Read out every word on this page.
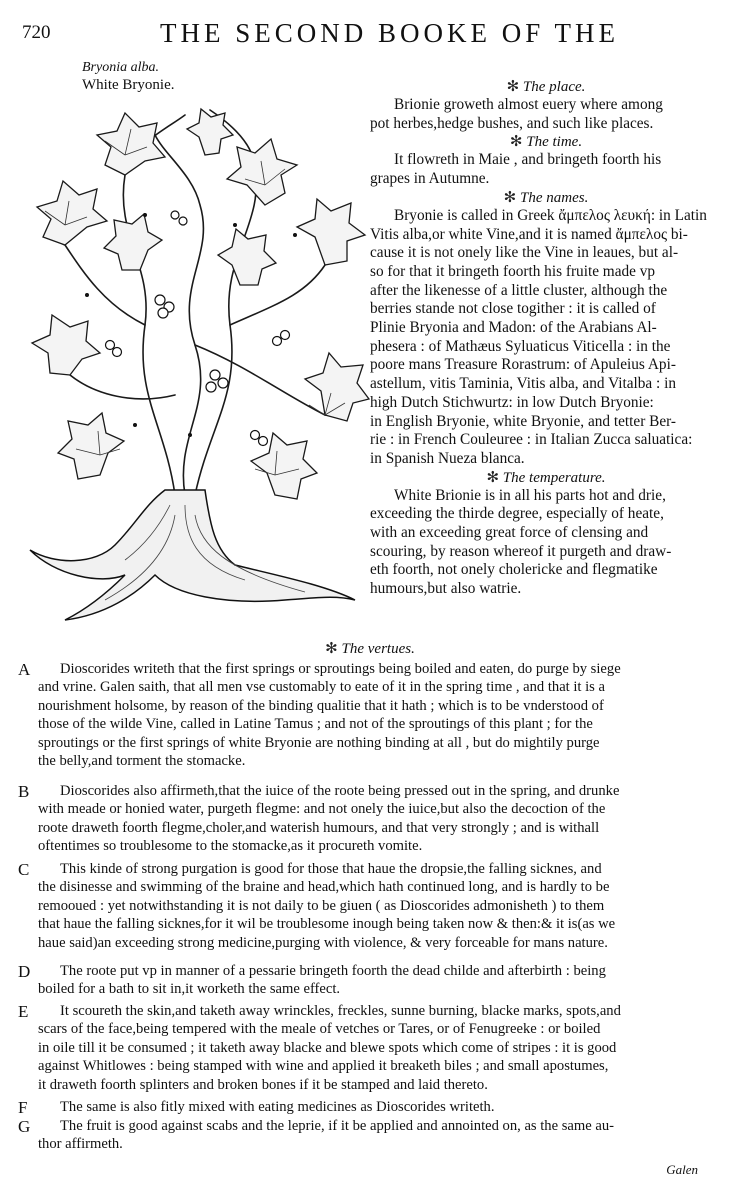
720	THE SECOND BOOKE OF THE
Bryonia alba.
White Bryonie.	✻ The place.

Brionie groweth almost euery where among
pot herbes,hedge bushes, and such like places.

✻ The time.

It flowreth in Maie , and bringeth foorth his
grapes in Autumne.

✻ The names.

Bryonie is called in Greek ἄμπελος λευκή: in Latin
Vitis alba,or white Vine,and it is named ἄμπελος bi-
cause it is not onely like the Vine in leaues, but al-
so for that it bringeth foorth his fruite made vp
after the likenesse of a little cluster, although the
berries stande not close togither : it is called of
Plinie Bryonia and Madon: of the Arabians Al-
phesera : of Mathæus Syluaticus Viticella : in the
poore mans Treasure Rorastrum: of Apuleius Api-
astellum, vitis Taminia, Vitis alba, and Vitalba : in
high Dutch Stichwurtz: in low Dutch Bryonie:
in English Bryonie, white Bryonie, and tetter Ber-
rie : in French Couleuree : in Italian Zucca saluatica:
in Spanish Nueza blanca.

✻ The temperature.

White Brionie is in all his parts hot and drie,
exceeding the thirde degree, especially of heate,
with an exceeding great force of clensing and
scouring, by reason whereof it purgeth and draw-
eth foorth, not onely cholericke and flegmatike
humours,but also watrie.

✻ The vertues.

A	Dioscorides writeth that the first springs or sproutings being boiled and eaten, do purge by siege
and vrine. Galen saith, that all men vse customably to eate of it in the spring time , and that it is a
nourishment holsome, by reason of the binding qualitie that it hath ; which is to be vnderstood of
those of the wilde Vine, called in Latine Tamus ; and not of the sproutings of this plant ; for the
sproutings or the first springs of white Bryonie are nothing binding at all , but do mightily purge
the belly,and torment the stomacke.
B	Dioscorides also affirmeth,that the iuice of the roote being pressed out in the spring, and drunke
with meade or honied water, purgeth flegme: and not onely the iuice,but also the decoction of the
roote draweth foorth flegme,choler,and waterish humours, and that very strongly ; and is withall
oftentimes so troublesome to the stomacke,as it procureth vomite.
C	This kinde of strong purgation is good for those that haue the dropsie,the falling sicknes, and
the disinesse and swimming of the braine and head,which hath continued long, and is hardly to be
remooued : yet notwithstanding it is not daily to be giuen ( as Dioscorides admonisheth ) to them
that haue the falling sicknes,for it wil be troublesome inough being taken now & then:& it is(as we
haue said)an exceeding strong medicine,purging with violence, & very forceable for mans nature.
D	The roote put vp in manner of a pessarie bringeth foorth the dead childe and afterbirth : being
boiled for a bath to sit in,it worketh the same effect.
E	It scoureth the skin,and taketh away wrinckles, freckles, sunne burning, blacke marks, spots,and
scars of the face,being tempered with the meale of vetches or Tares, or of Fenugreeke : or boiled
in oile till it be consumed ; it taketh away blacke and blewe spots which come of stripes : it is good
against Whitlowes : being stamped with wine and applied it breaketh biles ; and small apostumes,
it draweth foorth splinters and broken bones if it be stamped and laid thereto.
F	The same is also fitly mixed with eating medicines as Dioscorides writeth.
G	The fruit is good against scabs and the leprie, if it be applied and annointed on, as the same au-
thor affirmeth.
Galen
